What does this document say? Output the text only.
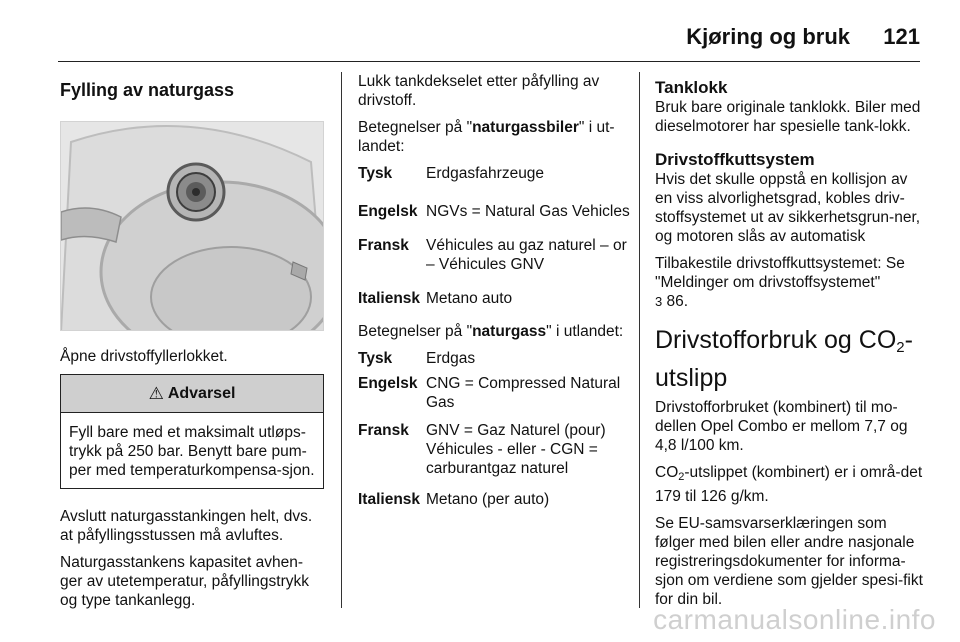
Kjøring og bruk 121
Fylling av naturgass
Åpne drivstoffyllerlokket.
⚠ Advarsel
Fyll bare med et maksimalt utløps-trykk på 250 bar. Benytt bare pum-per med temperaturkompensa-sjon.
Avslutt naturgasstankingen helt, dvs. at påfyllingsstussen må avluftes.
Naturgasstankens kapasitet avhen-ger av utetemperatur, påfyllingstrykk og type tankanlegg.
Lukk tankdekselet etter påfylling av drivstoff.
Betegnelser på "naturgassbiler" i ut-landet:
Tysk	Erdgasfahrzeuge
Engelsk NGVs = Natural Gas Vehicles
Fransk	Véhicules au gaz naturel – or – Véhicules GNV
Italiensk Metano auto
Betegnelser på "naturgass" i utlandet:
Tysk	Erdgas
Engelsk CNG = Compressed Natural Gas
Fransk	GNV = Gaz Naturel (pour) Véhicules - eller - CGN = carburantgaz naturel
Italiensk Metano (per auto)
Tanklokk
Bruk bare originale tanklokk. Biler med dieselmotorer har spesielle tank-lokk.
Drivstoffkuttsystem
Hvis det skulle oppstå en kollisjon av en viss alvorlighetsgrad, kobles driv-stoffsystemet ut av sikkerhetsgrun-ner, og motoren slås av automatisk
Tilbakestile drivstoffkuttsystemet: Se "Meldinger om drivstoffsystemet"
3 86.
Drivstofforbruk og $CO_2-$
utslipp
Drivstofforbruket (kombinert) til mo-dellen Opel Combo er mellom 7,7 og 4,8 l/100 km.
$CO_2$-utslippet (kombinert) er i områ-det 179 til 126 g/km.
Se EU-samsvarserklæringen som følger med bilen eller andre nasjonale registreringsdokumenter for informa-sjon om verdiene som gjelder spesi-fikt for din bil.
carmanualsonline.info
